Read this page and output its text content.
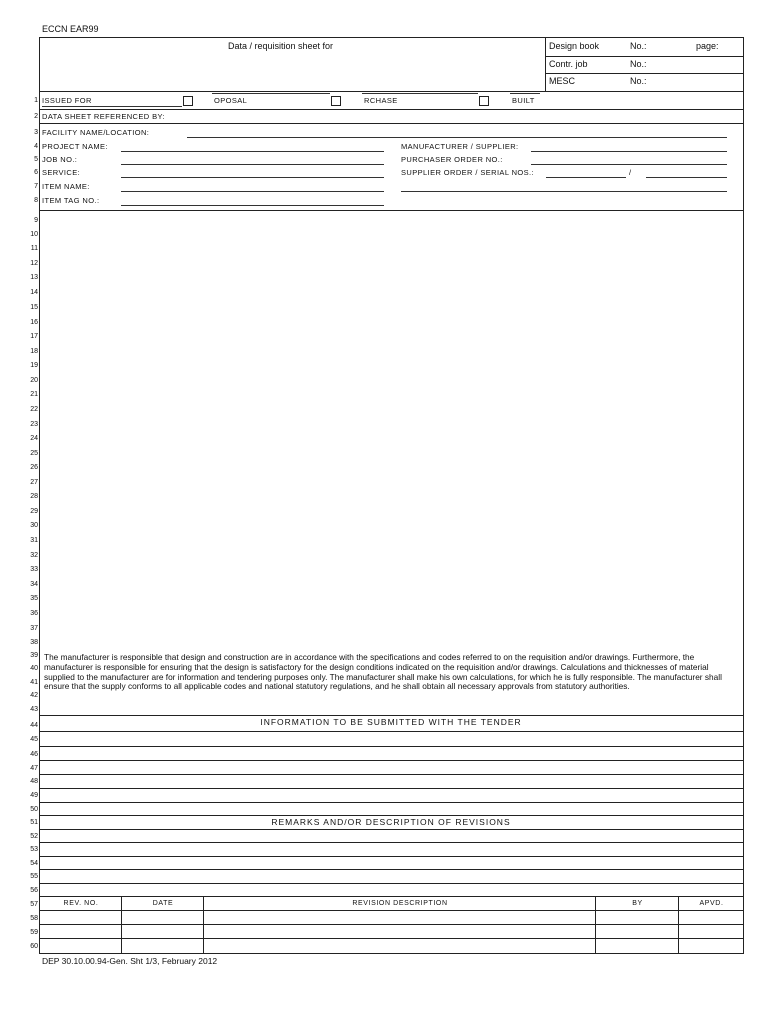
ECCN EAR99
Data / requisition sheet for	Design book	No.:	page:
Contr. job	No.:
MESC	No.:
ISSUED FOR	OPOSAL	RCHASE	BUILT
DATA SHEET REFERENCED BY:
FACILITY NAME/LOCATION:
PROJECT NAME:	MANUFACTURER / SUPPLIER:
JOB NO.:	PURCHASER ORDER NO.:
SERVICE:	SUPPLIER ORDER / SERIAL NOS.:	/
ITEM NAME:
ITEM TAG NO.:
1
2
3
4
5
6
7
8
9
10
11
12
13
14
15
16
17
18
19
20
21
22
23
24
25
26
27
28
29
30
31
32
33
34
35
36
37
38
39
40
41
42
43
44
45
46
47
48
49
50
51
52
53
54
55
56
57
58
59
60
The manufacturer is responsible that design and construction are in accordance with the specifications and codes referred to on the requisition and/or drawings. Furthermore, the manufacturer is responsible for ensuring that the design is satisfactory for the design conditions indicated on the requisition and/or drawings. Calculations and thicknesses of material supplied to the manufacturer are for information and tendering purposes only. The manufacturer shall make his own calculations, for which he is fully responsible. The manufacturer shall ensure that the supply conforms to all applicable codes and national statutory regulations, and he shall obtain all necessary approvals from statutory authorities.
INFORMATION TO BE SUBMITTED WITH THE TENDER
REMARKS AND/OR DESCRIPTION OF REVISIONS
REV. NO.	DATE	REVISION DESCRIPTION	BY	APVD.
DEP 30.10.00.94-Gen. Sht 1/3, February 2012
